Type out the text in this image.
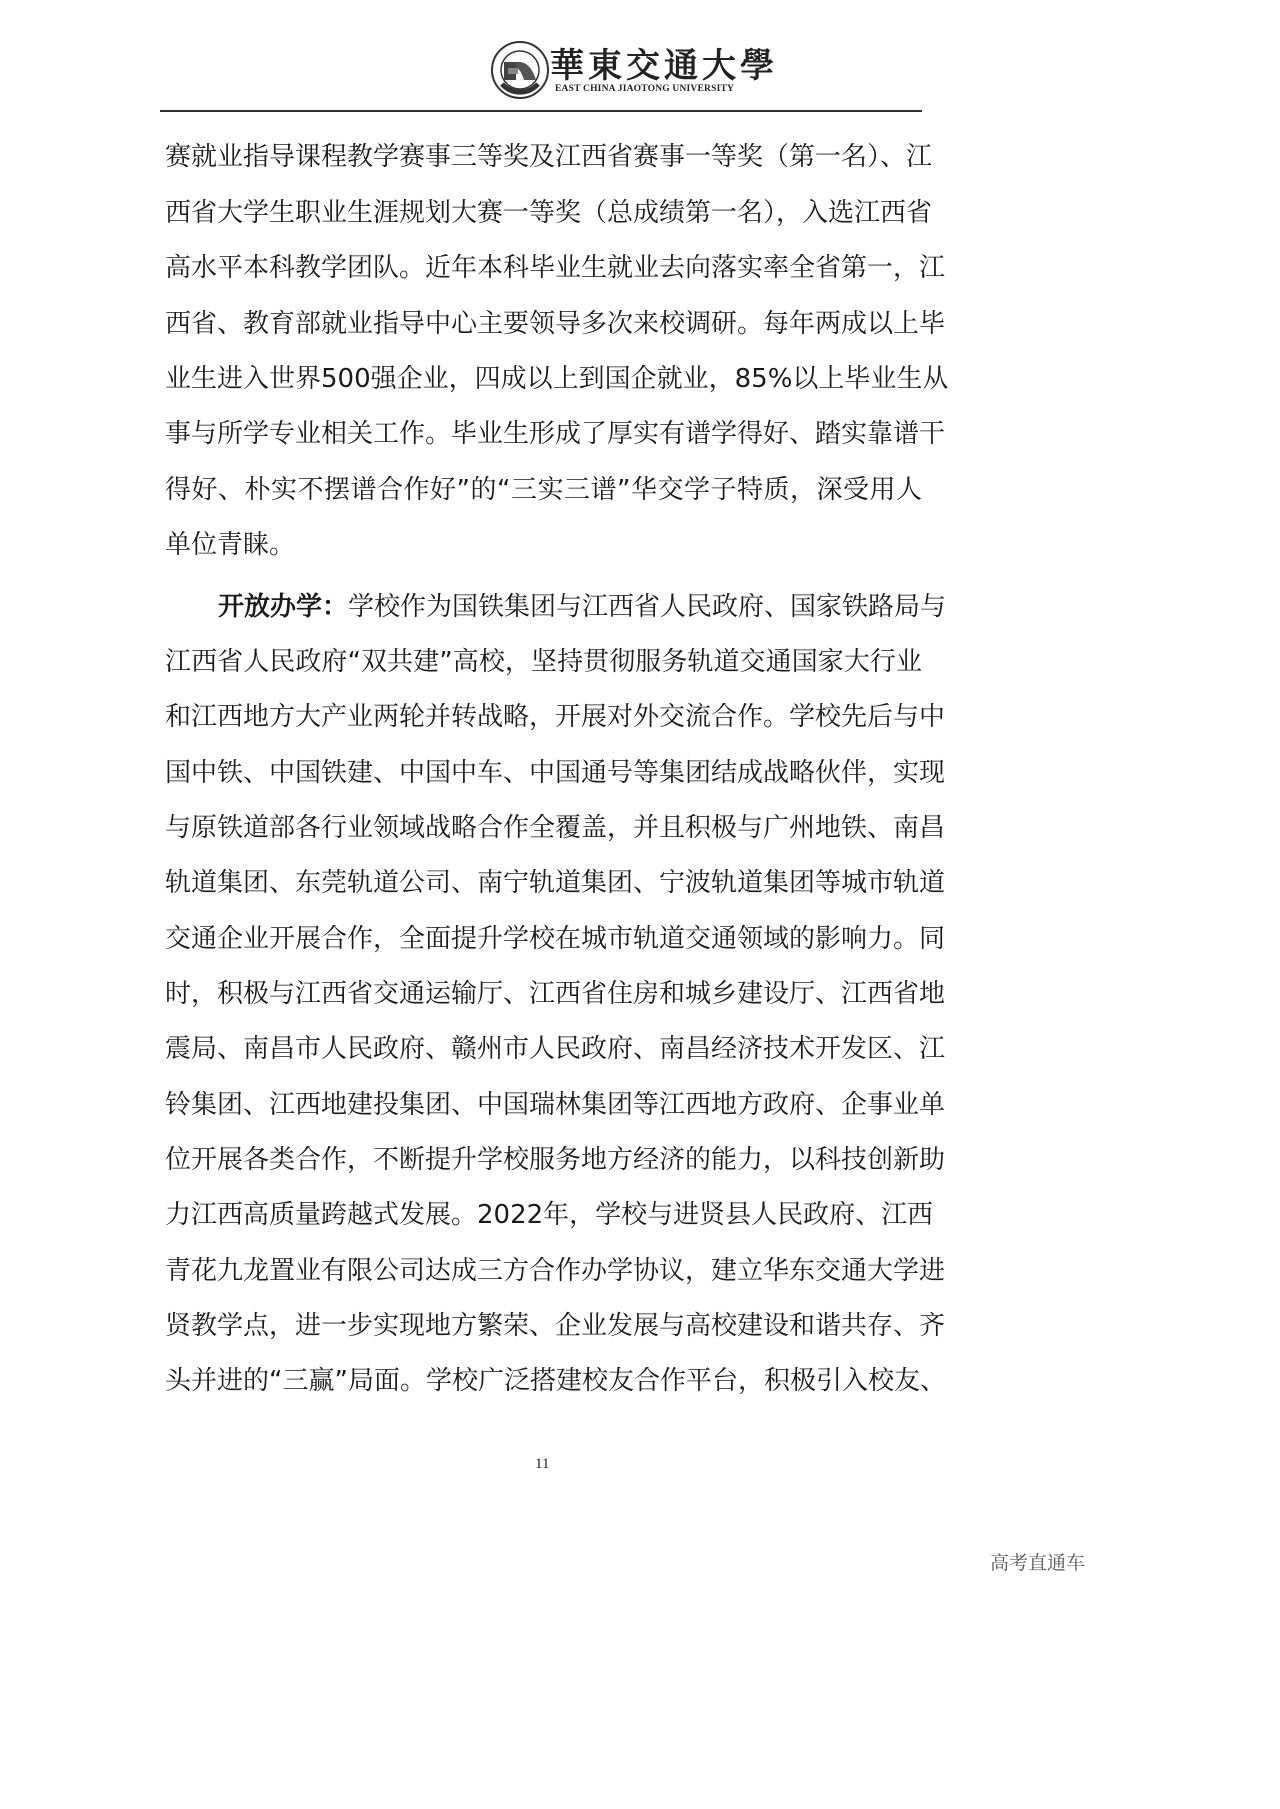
華東交通大學
EAST CHINA JIAOTONG UNIVERSITY
赛就业指导课程教学赛事三等奖及江西省赛事一等奖（第一名）、江
西省大学生职业生涯规划大赛一等奖（总成绩第一名），入选江西省
高水平本科教学团队。近年本科毕业生就业去向落实率全省第一，江
西省、教育部就业指导中心主要领导多次来校调研。每年两成以上毕
业生进入世界500强企业，四成以上到国企就业，85%以上毕业生从
事与所学专业相关工作。毕业生形成了厚实有谱学得好、踏实靠谱干
得好、朴实不摆谱合作好”的“三实三谱”华交学子特质，深受用人
单位青睐。
开放办学：学校作为国铁集团与江西省人民政府、国家铁路局与
江西省人民政府“双共建”高校，坚持贯彻服务轨道交通国家大行业
和江西地方大产业两轮并转战略，开展对外交流合作。学校先后与中
国中铁、中国铁建、中国中车、中国通号等集团结成战略伙伴，实现
与原铁道部各行业领域战略合作全覆盖，并且积极与广州地铁、南昌
轨道集团、东莞轨道公司、南宁轨道集团、宁波轨道集团等城市轨道
交通企业开展合作，全面提升学校在城市轨道交通领域的影响力。同
时，积极与江西省交通运输厅、江西省住房和城乡建设厅、江西省地
震局、南昌市人民政府、赣州市人民政府、南昌经济技术开发区、江
铃集团、江西地建投集团、中国瑞林集团等江西地方政府、企事业单
位开展各类合作，不断提升学校服务地方经济的能力，以科技创新助
力江西高质量跨越式发展。2022年，学校与进贤县人民政府、江西
青花九龙置业有限公司达成三方合作办学协议，建立华东交通大学进
贤教学点，进一步实现地方繁荣、企业发展与高校建设和谐共存、齐
头并进的“三赢”局面。学校广泛搭建校友合作平台，积极引入校友、
11
高考直通车
